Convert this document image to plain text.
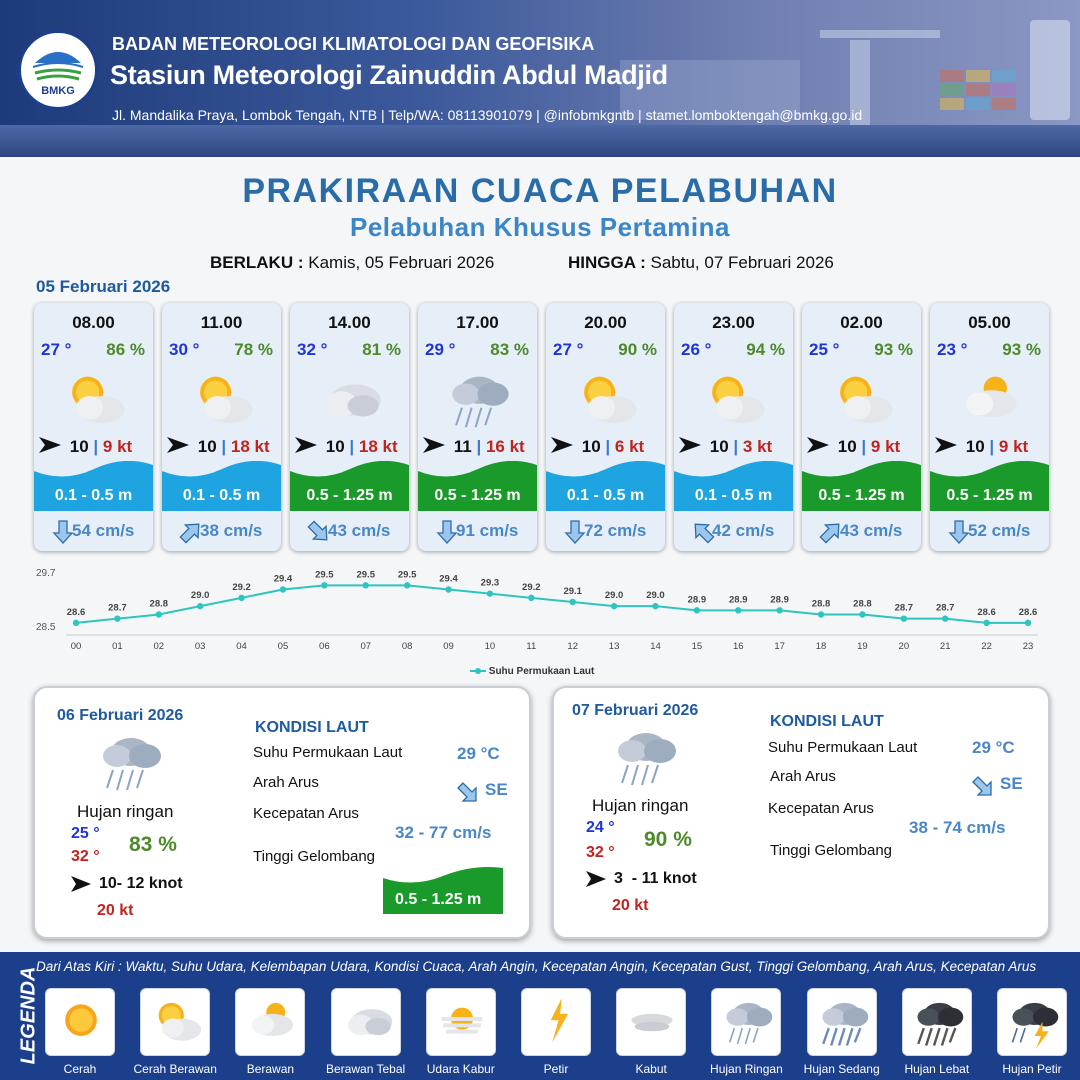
BMKG
BADAN METEOROLOGI KLIMATOLOGI DAN GEOFISIKA
Stasiun Meteorologi Zainuddin Abdul Madjid
Jl. Mandalika Praya, Lombok Tengah, NTB | Telp/WA: 08113901079 | @infobmkgntb | stamet.lomboktengah@bmkg.go.id
PRAKIRAAN CUACA PELABUHAN
Pelabuhan Khusus Pertamina
BERLAKU : Kamis, 05 Februari 2026	HINGGA : Sabtu, 07 Februari 2026
05 Februari 2026
08.00
27 ° 86 %
10 | 9 kt
0.1 - 0.5 m
54 cm/s
11.00
30 ° 78 %
10 | 18 kt
0.1 - 0.5 m
38 cm/s
14.00
32 ° 81 %
10 | 18 kt
0.5 - 1.25 m
43 cm/s
17.00
29 ° 83 %
11 | 16 kt
0.5 - 1.25 m
91 cm/s
20.00
27 ° 90 %
10 | 6 kt
0.1 - 0.5 m
72 cm/s
23.00
26 ° 94 %
10 | 3 kt
0.1 - 0.5 m
42 cm/s
02.00
25 ° 93 %
10 | 9 kt
0.5 - 1.25 m
43 cm/s
05.00
23 ° 93 %
10 | 9 kt
0.5 - 1.25 m
52 cm/s
29.7
28.5
28.6
00
28.7
01
28.8
02
29.0
03
29.2
04
29.4
05
29.5
06
29.5
07
29.5
08
29.4
09
29.3
10
29.2
11
29.1
12
29.0
13
29.0
14
28.9
15
28.9
16
28.9
17
28.8
18
28.8
19
28.7
20
28.7
21
28.6
22
28.6
23
Suhu Permukaan Laut
06 Februari 2026
Hujan ringan
25 °
32 °
83 %
10- 12 knot
20 kt
KONDISI LAUT
Suhu Permukaan Laut	29 °C
Arah Arus	SE
Kecepatan Arus
32 - 77 cm/s
Tinggi Gelombang
0.5 - 1.25 m
07 Februari 2026
Hujan ringan
24 °
32 °
90 %
3  - 11 knot
20 kt
KONDISI LAUT
Suhu Permukaan Laut	29 °C
Arah Arus	SE
Kecepatan Arus
38 - 74 cm/s
Tinggi Gelombang
LEGENDA
Dari Atas Kiri : Waktu, Suhu Udara, Kelembapan Udara, Kondisi Cuaca, Arah Angin, Kecepatan Angin, Kecepatan Gust, Tinggi Gelombang, Arah Arus, Kecepatan Arus
Cerah	Cerah Berawan	Berawan	Berawan Tebal	Udara Kabur	Petir	Kabut	Hujan Ringan	Hujan Sedang	Hujan Lebat	Hujan Petir
